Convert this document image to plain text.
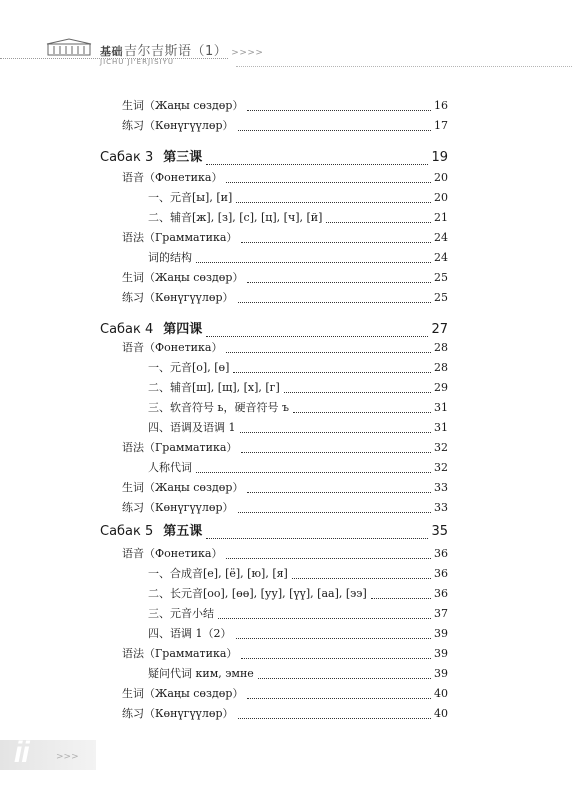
基础吉尔吉斯语（1） >>>>
JICHU JI'ERJISIYU
生词（Жаңы сөздөр）	16
练习（Көнүгүүлөр）	17
Сабак 3 第三课	19
语音（Фонетика）	20
一、元音[ы], [и]	20
二、辅音[ж], [з], [с], [ц], [ч], [й]	21
语法（Грамматика）	24
词的结构	24
生词（Жаңы сөздөр）	25
练习（Көнүгүүлөр）	25
Сабак 4 第四课	27
语音（Фонетика）	28
一、元音[о], [ө]	28
二、辅音[ш], [щ], [х], [г]	29
三、软音符号 ь，硬音符号 ъ	31
四、语调及语调 1	31
语法（Грамматика）	32
人称代词	32
生词（Жаңы сөздөр）	33
练习（Көнүгүүлөр）	33
Сабак 5 第五课	35
语音（Фонетика）	36
一、合成音[е], [ё], [ю], [я]	36
二、长元音[оо], [өө], [уу], [үү], [аа], [ээ]	36
三、元音小结	37
四、语调 1（2）	39
语法（Грамматика）	39
疑问代词 ким, эмне	39
生词（Жаңы сөздөр）	40
练习（Көнүгүүлөр）	40
ii	>>>
